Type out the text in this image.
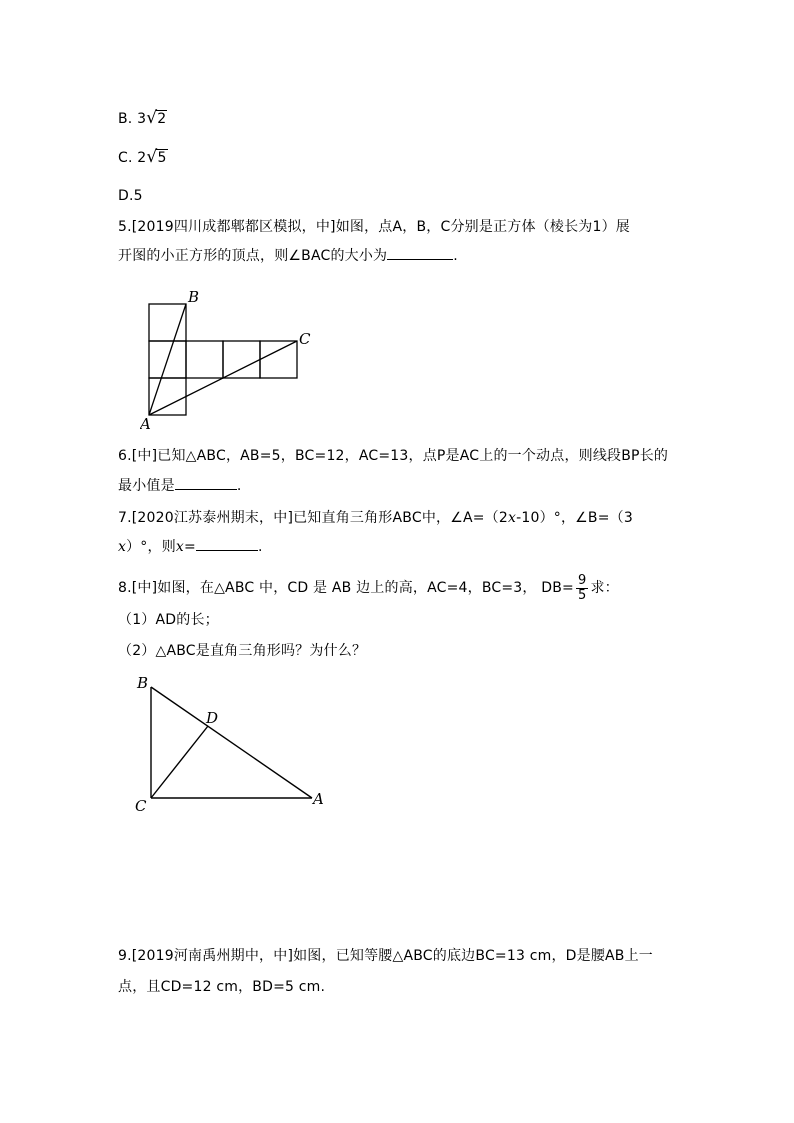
B. 3√2
C. 2√5
D.5
5.[2019四川成都郫都区模拟，中]如图，点A，B，C分别是正方体（棱长为1）展
开图的小正方形的顶点，则∠BAC的大小为	.
B
C
A
6.[中]已知△ABC，AB=5，BC=12，AC=13，点P是AC上的一个动点，则线段BP长的
最小值是	.
7.[2020江苏泰州期末，中]已知直角三角形ABC中，∠A=（2x-10）°，∠B=（3
x）°，则x=	.
8.[中]如图，在△ABC 中，CD 是 AB 边上的高，AC=4，BC=3， $DB= \frac{9}{5}$ 求：
（1）AD的长；
（2）△ABC是直角三角形吗？为什么？
B
D
C	A
9.[2019河南禹州期中，中]如图，已知等腰△ABC的底边BC=13 cm，D是腰AB上一
点，且CD=12 cm，BD=5 cm.
